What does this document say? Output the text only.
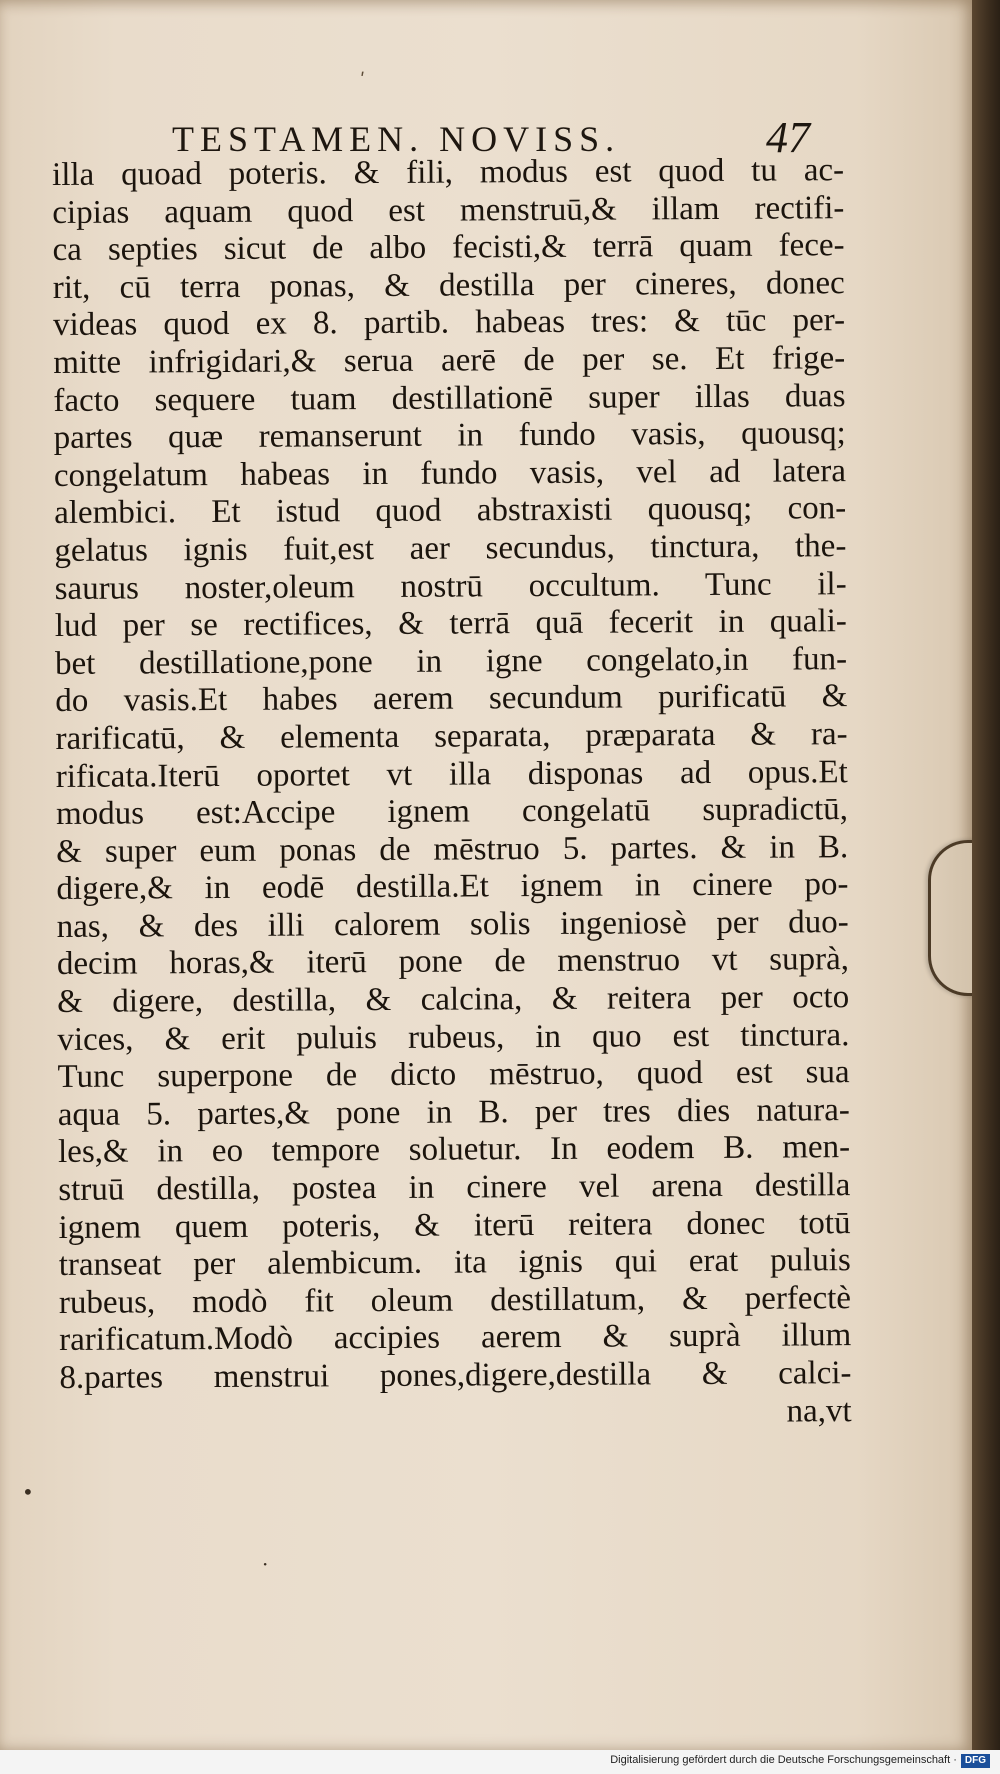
ʹ
TESTAMEN. NOVISS.	47
illa quoad poteris. & fili, modus est quod tu ac-
cipias aquam quod est menstruū,& illam rectifi-
ca septies sicut de albo fecisti,& terrā quam fece-
rit, cū terra ponas, & destilla per cineres, donec
videas quod ex 8. partib. habeas tres: & tūc per-
mitte infrigidari,& serua aerē de per se. Et frige-
facto sequere tuam destillationē super illas duas
partes quæ remanserunt in fundo vasis, quousq;
congelatum habeas in fundo vasis, vel ad latera
alembici. Et istud quod abstraxisti quousq; con-
gelatus ignis fuit,est aer secundus, tinctura, the-
saurus noster,oleum nostrū occultum. Tunc il-
lud per se rectifices, & terrā quā fecerit in quali-
bet destillatione,pone in igne congelato,in fun-
do vasis.Et habes aerem secundum purificatū &
rarificatū, & elementa separata, præparata & ra-
rificata.Iterū oportet vt illa disponas ad opus.Et
modus est:Accipe ignem congelatū supradictū,
& super eum ponas de mēstruo 5. partes. & in B.
digere,& in eodē destilla.Et ignem in cinere po-
nas, & des illi calorem solis ingeniosè per duo-
decim horas,& iterū pone de menstruo vt suprà,
& digere, destilla, & calcina, & reitera per octo
vices, & erit puluis rubeus, in quo est tinctura.
Tunc superpone de dicto mēstruo, quod est sua
aqua 5. partes,& pone in B. per tres dies natura-
les,& in eo tempore soluetur. In eodem B. men-
struū destilla, postea in cinere vel arena destilla
ignem quem poteris, & iterū reitera donec totū
transeat per alembicum. ita ignis qui erat puluis
rubeus, modò fit oleum destillatum, & perfectè
rarificatum.Modò accipies aerem & suprà illum
8.partes menstrui pones,digere,destilla & calci-
na,vt
•
·
Digitalisierung gefördert durch die Deutsche Forschungsgemeinschaft · DFG
